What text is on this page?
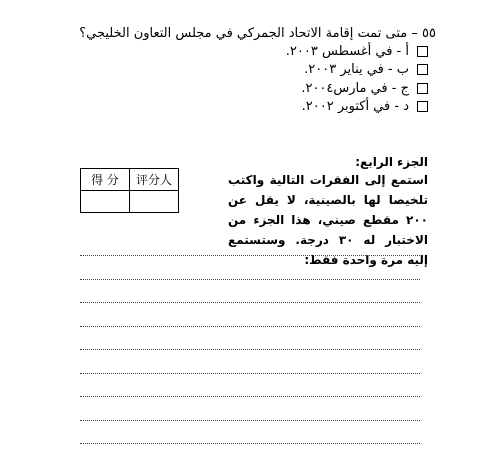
٥٥ – متى تمت إقامة الاتحاد الجمركي في مجلس التعاون الخليجي؟
أ - في أغسطس ٢٠٠٣.
ب - في يناير ٢٠٠٣.
ج - في مارس٢٠٠٤.
د - في أكتوبر ٢٠٠٢.
الجزء الرابع:
استمع إلى الفقرات التالية واكتب تلخيصا لها بالصينية، لا يقل عن ٢٠٠ مقطع صيني، هذا الجزء من الاختبار له ٣٠ درجة. وستستمع إليه مرة واحدة فقط:
得 分	评分人
